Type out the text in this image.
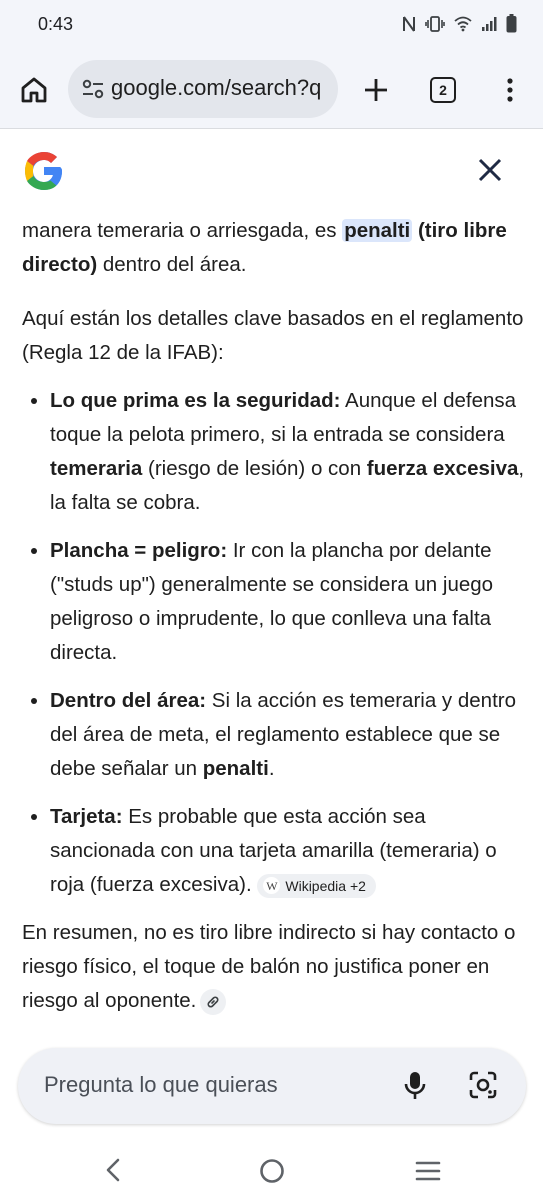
0:43
google.com/search?q	2

manera temeraria o arriesgada, es penalti (tiro libre directo) dentro del área.

Aquí están los detalles clave basados en el reglamento (Regla 12 de la IFAB):

• Lo que prima es la seguridad: Aunque el defensa toque la pelota primero, si la entrada se considera temeraria (riesgo de lesión) o con fuerza excesiva, la falta se cobra.
• Plancha = peligro: Ir con la plancha por delante ("studs up") generalmente se considera un juego peligroso o imprudente, lo que conlleva una falta directa.
• Dentro del área: Si la acción es temeraria y dentro del área de meta, el reglamento establece que se debe señalar un penalti.
• Tarjeta: Es probable que esta acción sea sancionada con una tarjeta amarilla (temeraria) o roja (fuerza excesiva). W Wikipedia +2

En resumen, no es tiro libre indirecto si hay contacto o riesgo físico, el toque de balón no justifica poner en riesgo al oponente.

Pregunta lo que quieras
